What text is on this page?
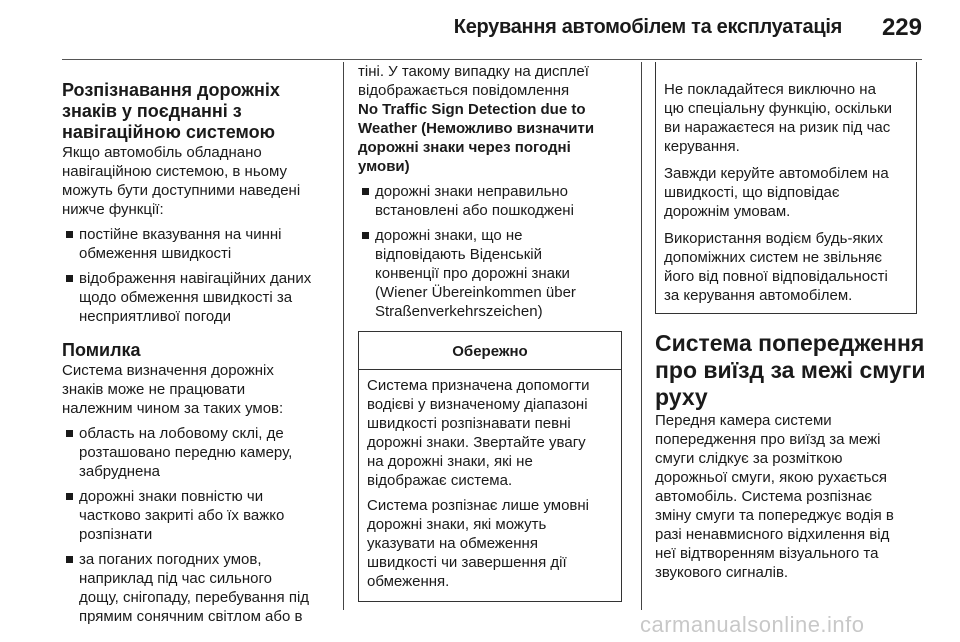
Керування автомобілем та експлуатація 229
Розпізнавання дорожніх
знаків у поєднанні з
навігаційною системою

Якщо автомобіль обладнано
навігаційною системою, в ньому
можуть бути доступними наведені
нижче функції:

постійне вказування на чинні
обмеження швидкості
відображення навігаційних даних
щодо обмеження швидкості за
несприятливої погоди
Помилка

Система визначення дорожніх
знаків може не працювати
належним чином за таких умов:

область на лобовому склі, де
розташовано передню камеру,
забруднена
дорожні знаки повністю чи
частково закриті або їх важко
розпізнати
за поганих погодних умов,
наприклад під час сильного
дощу, снігопаду, перебування під
прямим сонячним світлом або в

тіні. У такому випадку на дисплеї
відображається повідомлення

No Traffic Sign Detection due to
Weather (Неможливо визначити
дорожні знаки через погодні
умови)

дорожні знаки неправильно
встановлені або пошкоджені
дорожні знаки, що не
відповідають Віденській
конвенції про дорожні знаки
(Wiener Übereinkommen über
Straßenverkehrszeichen)
Обережно

Система призначена допомогти
водієві у визначеному діапазоні
швидкості розпізнавати певні
дорожні знаки. Звертайте увагу
на дорожні знаки, які не
відображає система.

Система розпізнає лише умовні
дорожні знаки, які можуть
указувати на обмеження
швидкості чи завершення дії
обмеження.

Не покладайтеся виключно на
цю спеціальну функцію, оскільки
ви наражаєтеся на ризик під час
керування.

Завжди керуйте автомобілем на
швидкості, що відповідає
дорожнім умовам.

Використання водієм будь-яких
допоміжних систем не звільняє
його від повної відповідальності
за керування автомобілем.

Система попередження
про виїзд за межі смуги
руху

Передня камера системи
попередження про виїзд за межі
смуги слідкує за розміткою
дорожньої смуги, якою рухається
автомобіль. Система розпізнає
зміну смуги та попереджує водія в
разі ненавмисного відхилення від
неї відтворенням візуального та
звукового сигналів.

carmanualsonline.info
